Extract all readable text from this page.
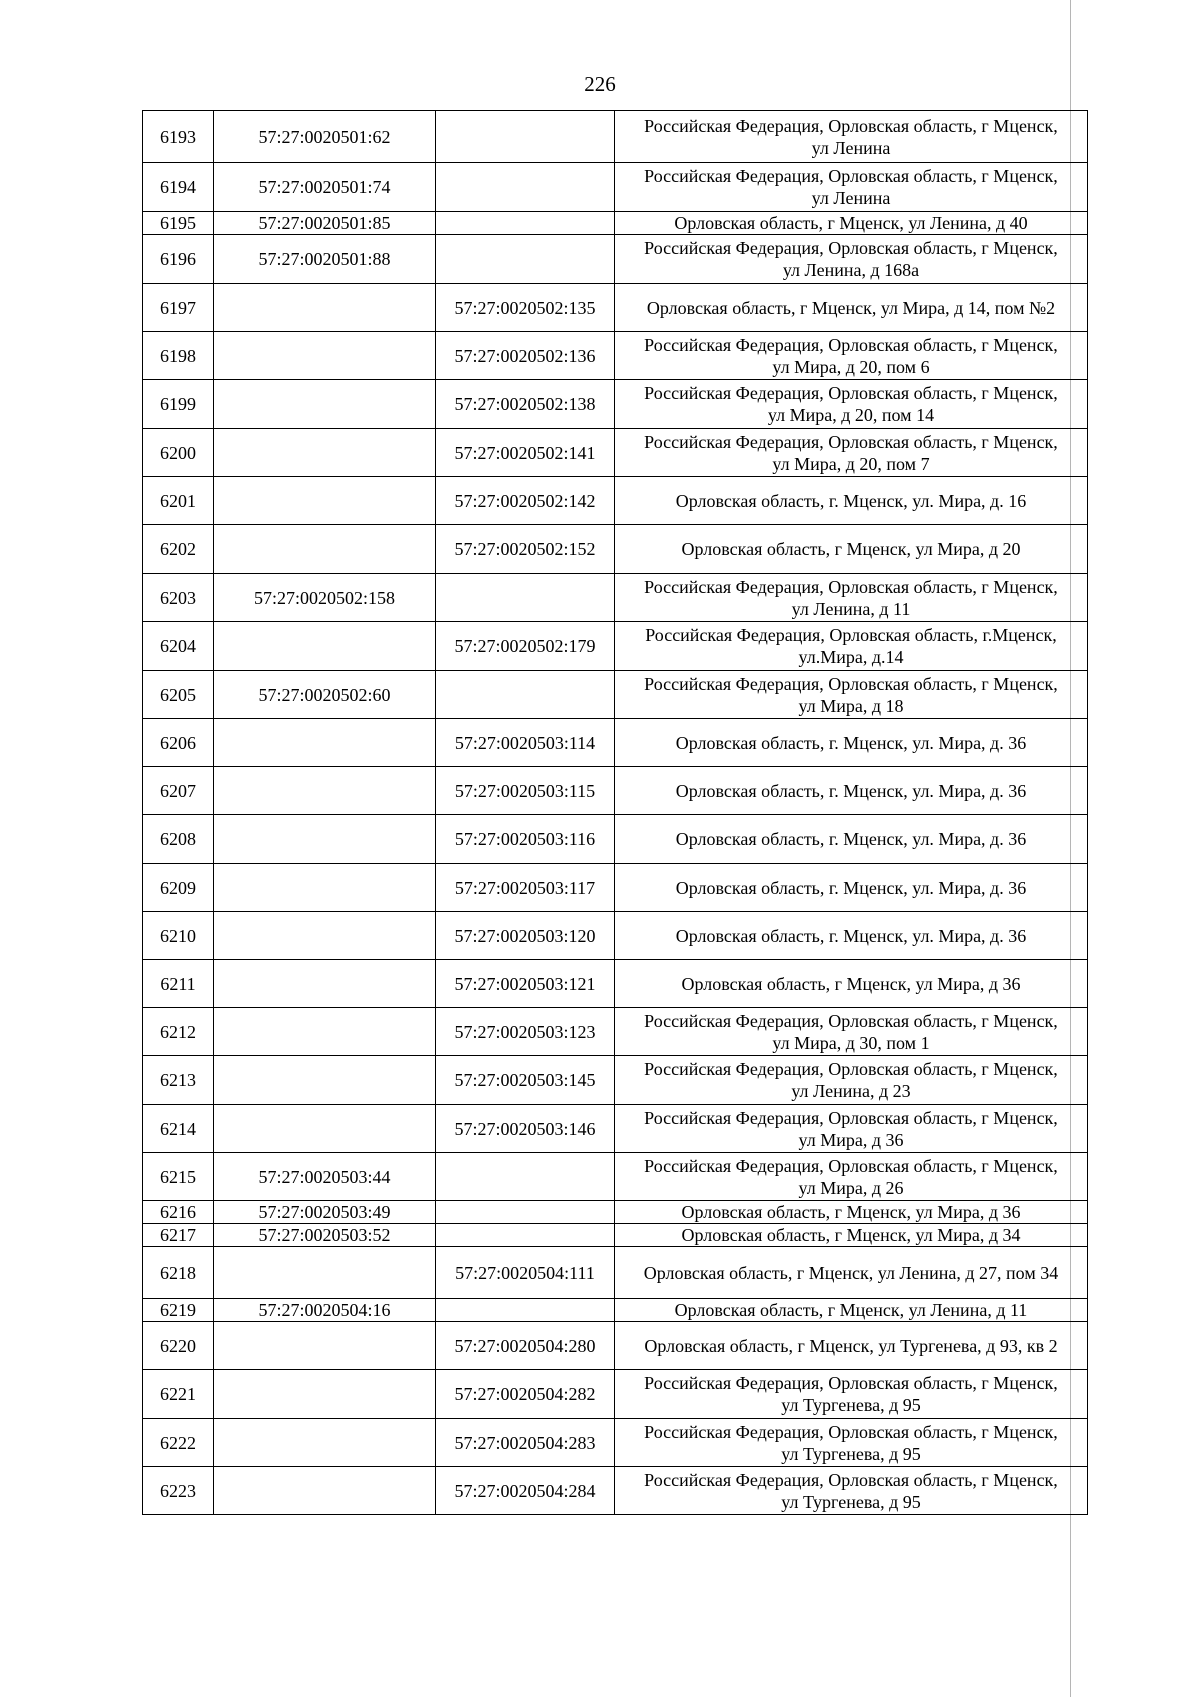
226
6193	57:27:0020501:62		Российская Федерация, Орловская область, г Мценск,
ул Ленина

6194	57:27:0020501:74		Российская Федерация, Орловская область, г Мценск,
ул Ленина

6195	57:27:0020501:85		Орловская область, г Мценск, ул Ленина, д 40

6196	57:27:0020501:88		Российская Федерация, Орловская область, г Мценск,
ул Ленина, д 168а

6197		57:27:0020502:135	Орловская область, г Мценск, ул Мира, д 14, пом №2

6198		57:27:0020502:136	Российская Федерация, Орловская область, г Мценск,
ул Мира, д 20, пом 6

6199		57:27:0020502:138	Российская Федерация, Орловская область, г Мценск,
ул Мира, д 20, пом 14

6200		57:27:0020502:141	Российская Федерация, Орловская область, г Мценск,
ул Мира, д 20, пом 7

6201		57:27:0020502:142	Орловская область, г. Мценск, ул. Мира, д. 16

6202		57:27:0020502:152	Орловская область, г Мценск, ул Мира, д 20

6203	57:27:0020502:158		Российская Федерация, Орловская область, г Мценск,
ул Ленина, д 11

6204		57:27:0020502:179	Российская Федерация, Орловская область, г.Мценск,
ул.Мира, д.14

6205	57:27:0020502:60		Российская Федерация, Орловская область, г Мценск,
ул Мира, д 18

6206		57:27:0020503:114	Орловская область, г. Мценск, ул. Мира, д. 36

6207		57:27:0020503:115	Орловская область, г. Мценск, ул. Мира, д. 36

6208		57:27:0020503:116	Орловская область, г. Мценск, ул. Мира, д. 36

6209		57:27:0020503:117	Орловская область, г. Мценск, ул. Мира, д. 36

6210		57:27:0020503:120	Орловская область, г. Мценск, ул. Мира, д. 36

6211		57:27:0020503:121	Орловская область, г Мценск, ул Мира, д 36

6212		57:27:0020503:123	Российская Федерация, Орловская область, г Мценск,
ул Мира, д 30, пом 1

6213		57:27:0020503:145	Российская Федерация, Орловская область, г Мценск,
ул Ленина, д 23

6214		57:27:0020503:146	Российская Федерация, Орловская область, г Мценск,
ул Мира, д 36

6215	57:27:0020503:44		Российская Федерация, Орловская область, г Мценск,
ул Мира, д 26

6216	57:27:0020503:49		Орловская область, г Мценск, ул Мира, д 36

6217	57:27:0020503:52		Орловская область, г Мценск, ул Мира, д 34

6218		57:27:0020504:111	Орловская область, г Мценск, ул Ленина, д 27, пом 34

6219	57:27:0020504:16		Орловская область, г Мценск, ул Ленина, д 11

6220		57:27:0020504:280	Орловская область, г Мценск, ул Тургенева, д 93, кв 2

6221		57:27:0020504:282	Российская Федерация, Орловская область, г Мценск,
ул Тургенева, д 95

6222		57:27:0020504:283	Российская Федерация, Орловская область, г Мценск,
ул Тургенева, д 95

6223		57:27:0020504:284	Российская Федерация, Орловская область, г Мценск,
ул Тургенева, д 95
